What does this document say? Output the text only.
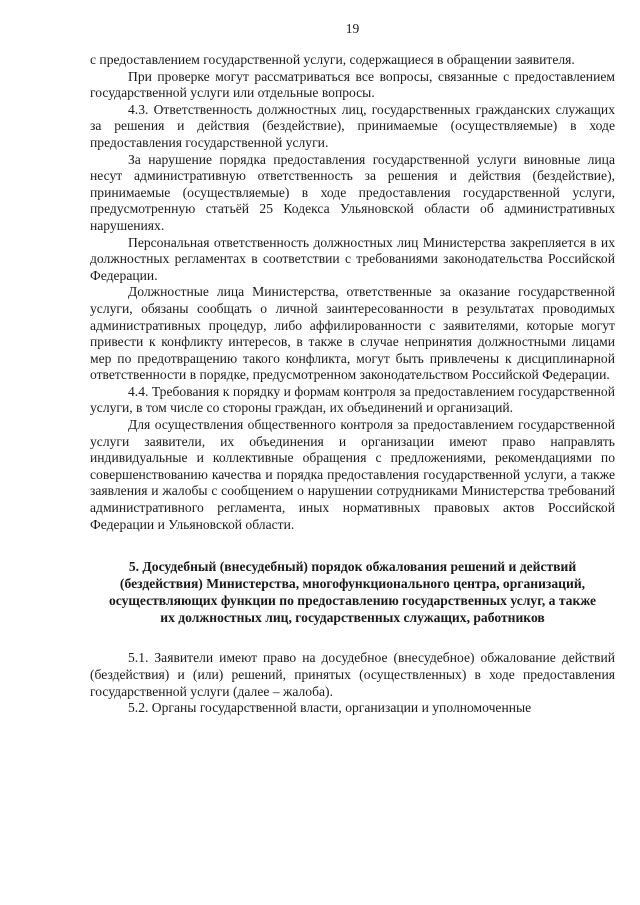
19

с предоставлением государственной услуги, содержащиеся в обращении заявителя.

При проверке могут рассматриваться все вопросы, связанные с предоставлением государственной услуги или отдельные вопросы.

4.3. Ответственность должностных лиц, государственных гражданских служащих за решения и действия (бездействие), принимаемые (осуществляемые) в ходе предоставления государственной услуги.

За нарушение порядка предоставления государственной услуги виновные лица несут административную ответственность за решения и действия (бездействие), принимаемые (осуществляемые) в ходе предоставления государственной услуги, предусмотренную статьёй 25 Кодекса Ульяновской области об административных нарушениях.

Персональная ответственность должностных лиц Министерства закрепляется в их должностных регламентах в соответствии с требованиями законодательства Российской Федерации.

Должностные лица Министерства, ответственные за оказание государственной услуги, обязаны сообщать о личной заинтересованности в результатах проводимых административных процедур, либо аффилированности с заявителями, которые могут привести к конфликту интересов, в также в случае непринятия должностными лицами мер по предотвращению такого конфликта, могут быть привлечены к дисциплинарной ответственности в порядке, предусмотренном законодательством Российской Федерации.

4.4. Требования к порядку и формам контроля за предоставлением государственной услуги, в том числе со стороны граждан, их объединений и организаций.

Для осуществления общественного контроля за предоставлением государственной услуги заявители, их объединения и организации имеют право направлять индивидуальные и коллективные обращения с предложениями, рекомендациями по совершенствованию качества и порядка предоставления государственной услуги, а также заявления и жалобы с сообщением о нарушении сотрудниками Министерства требований административного регламента, иных нормативных правовых актов Российской Федерации и Ульяновской области.

5. Досудебный (внесудебный) порядок обжалования решений и действий (бездействия) Министерства, многофункционального центра, организаций, осуществляющих функции по предоставлению государственных услуг, а также их должностных лиц, государственных служащих, работников

5.1. Заявители имеют право на досудебное (внесудебное) обжалование действий (бездействия) и (или) решений, принятых (осуществленных) в ходе предоставления государственной услуги (далее – жалоба).

5.2. Органы государственной власти, организации и уполномоченные
